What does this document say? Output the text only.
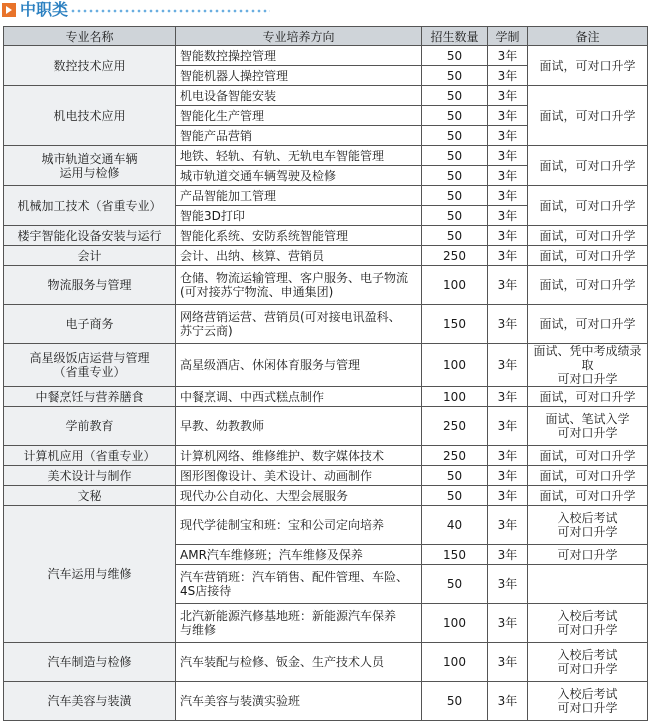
中职类
专业名称	专业培养方向	招生数量	学制	备注
数控技术应用	智能数控操控管理	50	3年	面试，可对口升学
	智能机器人操控管理	50	3年	
机电技术应用	机电设备智能安装	50	3年	面试，可对口升学
	智能化生产管理	50	3年	
	智能产品营销	50	3年	
城市轨道交通车辆
运用与检修	地铁、轻轨、有轨、无轨电车智能管理	50	3年	面试，可对口升学
	城市轨道交通车辆驾驶及检修	50	3年	
机械加工技术（省重专业）	产品智能加工管理	50	3年	面试，可对口升学
	智能3D打印	50	3年	
楼宇智能化设备安装与运行	智能化系统、安防系统智能管理	50	3年	面试，可对口升学
会计	会计、出纳、核算、营销员	250	3年	面试，可对口升学
物流服务与管理	仓储、物流运输管理、客户服务、电子物流
(可对接苏宁物流、申通集团)	100	3年	面试，可对口升学
电子商务	网络营销运营、营销员(可对接电讯盈科、
苏宁云商)	150	3年	面试，可对口升学
高星级饭店运营与管理
（省重专业）	高星级酒店、休闲体育服务与管理	100	3年	面试、凭中考成绩录取
可对口升学
中餐烹饪与营养膳食	中餐烹调、中西式糕点制作	100	3年	面试，可对口升学
学前教育	早教、幼教教师	250	3年	面试、笔试入学
可对口升学
计算机应用（省重专业）	计算机网络、维修维护、数字媒体技术	250	3年	面试，可对口升学
美术设计与制作	图形图像设计、美术设计、动画制作	50	3年	面试，可对口升学
文秘	现代办公自动化、大型会展服务	50	3年	面试，可对口升学
汽车运用与维修	现代学徒制宝和班：宝和公司定向培养	40	3年	入校后考试
可对口升学
	AMR汽车维修班；汽车维修及保养	150	3年	可对口升学
	汽车营销班：汽车销售、配件管理、车险、
4S店接待	50	3年	
	北汽新能源汽修基地班：新能源汽车保养
与维修	100	3年	入校后考试
可对口升学
汽车制造与检修	汽车装配与检修、钣金、生产技术人员	100	3年	入校后考试
可对口升学
汽车美容与装潢	汽车美容与装潢实验班	50	3年	入校后考试
可对口升学
